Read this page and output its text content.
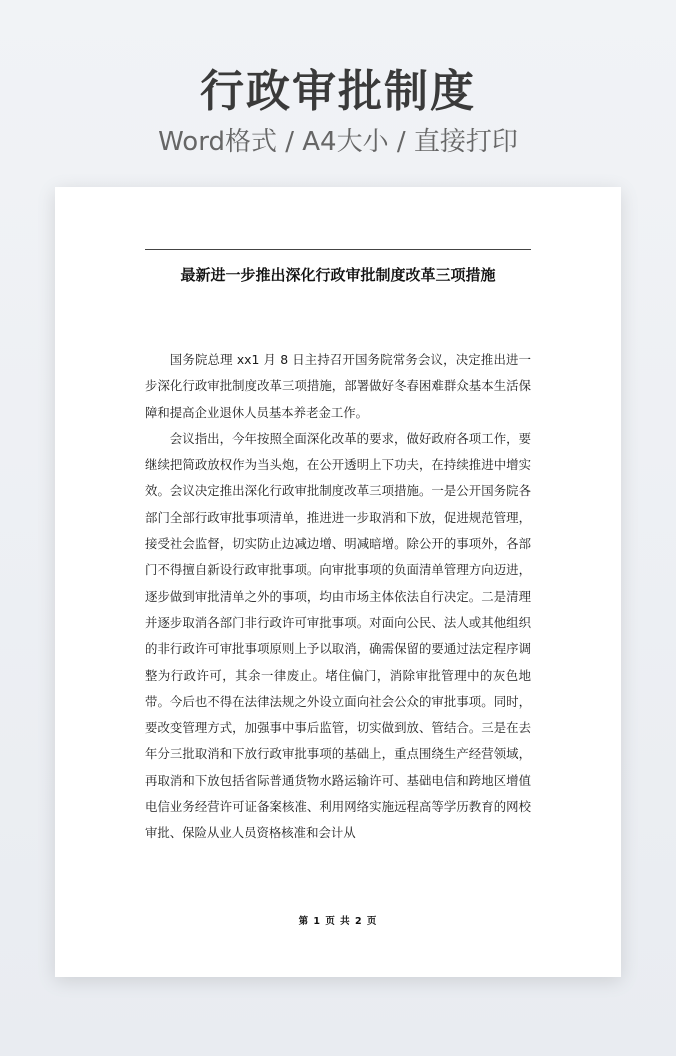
行政审批制度
Word格式 / A4大小 / 直接打印
最新进一步推出深化行政审批制度改革三项措施

国务院总理 xx1 月 8 日主持召开国务院常务会议，决定推出进一步深化行政审批制度改革三项措施，部署做好冬春困难群众基本生活保障和提高企业退休人员基本养老金工作。

会议指出，今年按照全面深化改革的要求，做好政府各项工作，要继续把简政放权作为当头炮，在公开透明上下功夫，在持续推进中增实效。会议决定推出深化行政审批制度改革三项措施。一是公开国务院各部门全部行政审批事项清单，推进进一步取消和下放，促进规范管理，接受社会监督，切实防止边减边增、明减暗增。除公开的事项外，各部门不得擅自新设行政审批事项。向审批事项的负面清单管理方向迈进，逐步做到审批清单之外的事项，均由市场主体依法自行决定。二是清理并逐步取消各部门非行政许可审批事项。对面向公民、法人或其他组织的非行政许可审批事项原则上予以取消，确需保留的要通过法定程序调整为行政许可，其余一律废止。堵住偏门，消除审批管理中的灰色地带。今后也不得在法律法规之外设立面向社会公众的审批事项。同时，要改变管理方式，加强事中事后监管，切实做到放、管结合。三是在去年分三批取消和下放行政审批事项的基础上，重点围绕生产经营领域，再取消和下放包括省际普通货物水路运输许可、基础电信和跨地区增值电信业务经营许可证备案核准、利用网络实施远程高等学历教育的网校审批、保险从业人员资格核准和会计从

第 1 页 共 2 页
